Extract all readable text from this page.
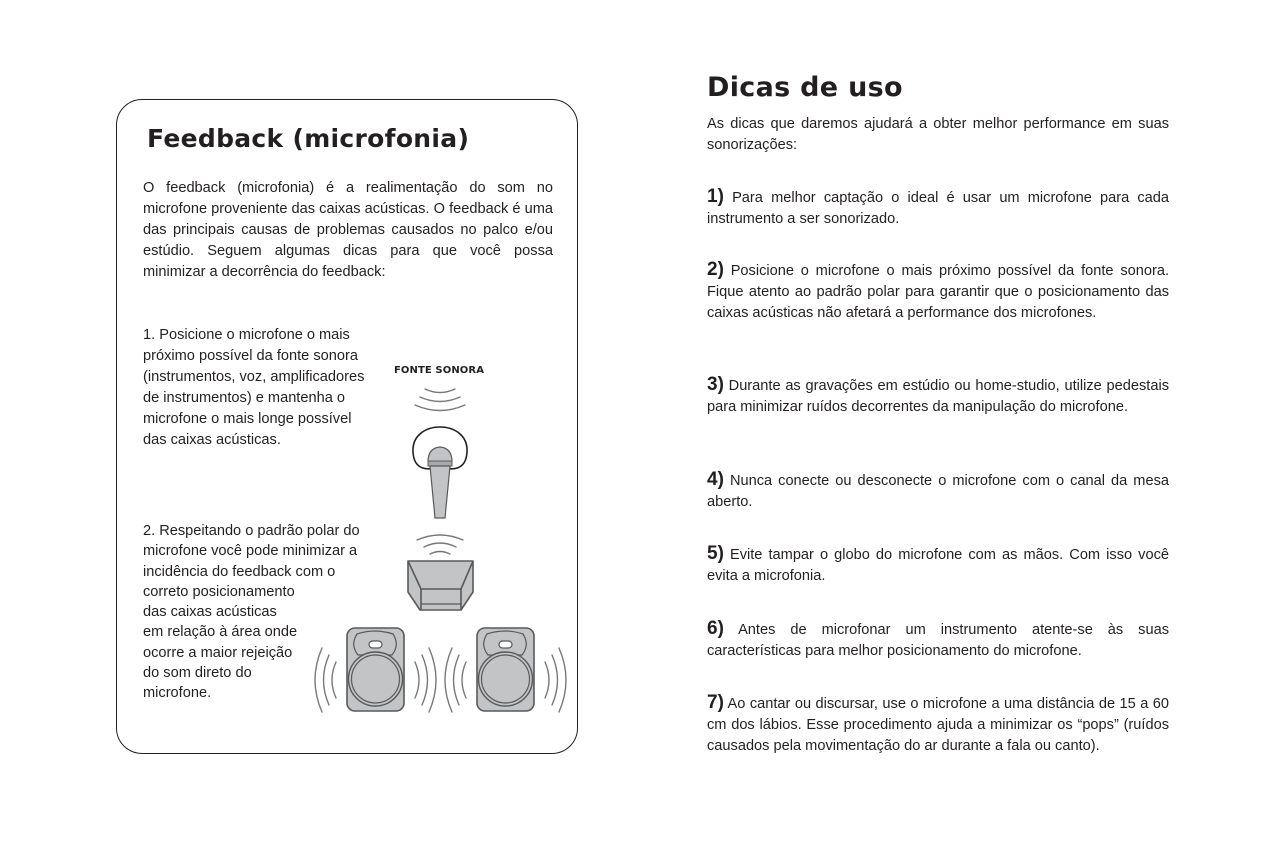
Feedback (microfonia)

O feedback (microfonia) é a realimentação do som no microfone proveniente das caixas acústicas. O feedback é uma das principais causas de problemas causados no palco e/ou estúdio. Seguem algumas dicas para que você possa minimizar a decorrência do feedback:

1. Posicione o microfone o mais próximo possível da fonte sonora (instrumentos, voz, amplificadores de instrumentos) e mantenha o microfone o mais longe possível das caixas acústicas.

2. Respeitando o padrão polar do
microfone você pode minimizar a
incidência do feedback com o
correto posicionamento
das caixas acústicas
em relação à área onde
ocorre a maior rejeição
do som direto do
microfone.

FONTE SONORA
Dicas de uso

As dicas que daremos ajudará a obter melhor performance em suas sonorizações:

1) Para melhor captação o ideal é usar um microfone para cada instrumento a ser sonorizado.
2) Posicione o microfone o mais próximo possível da fonte sonora. Fique atento ao padrão polar para garantir que o posicionamento das caixas acústicas não afetará a performance dos microfones.
3) Durante as gravações em estúdio ou home-studio, utilize pedestais para minimizar ruídos decorrentes da manipulação do microfone.
4) Nunca conecte ou desconecte o microfone com o canal da mesa aberto.
5) Evite tampar o globo do microfone com as mãos. Com isso você evita a microfonia.
6) Antes de microfonar um instrumento atente-se às suas características para melhor posicionamento do microfone.
7) Ao cantar ou discursar, use o microfone a uma distância de 15 a 60 cm dos lábios. Esse procedimento ajuda a minimizar os “pops” (ruídos causados pela movimentação do ar durante a fala ou canto).
